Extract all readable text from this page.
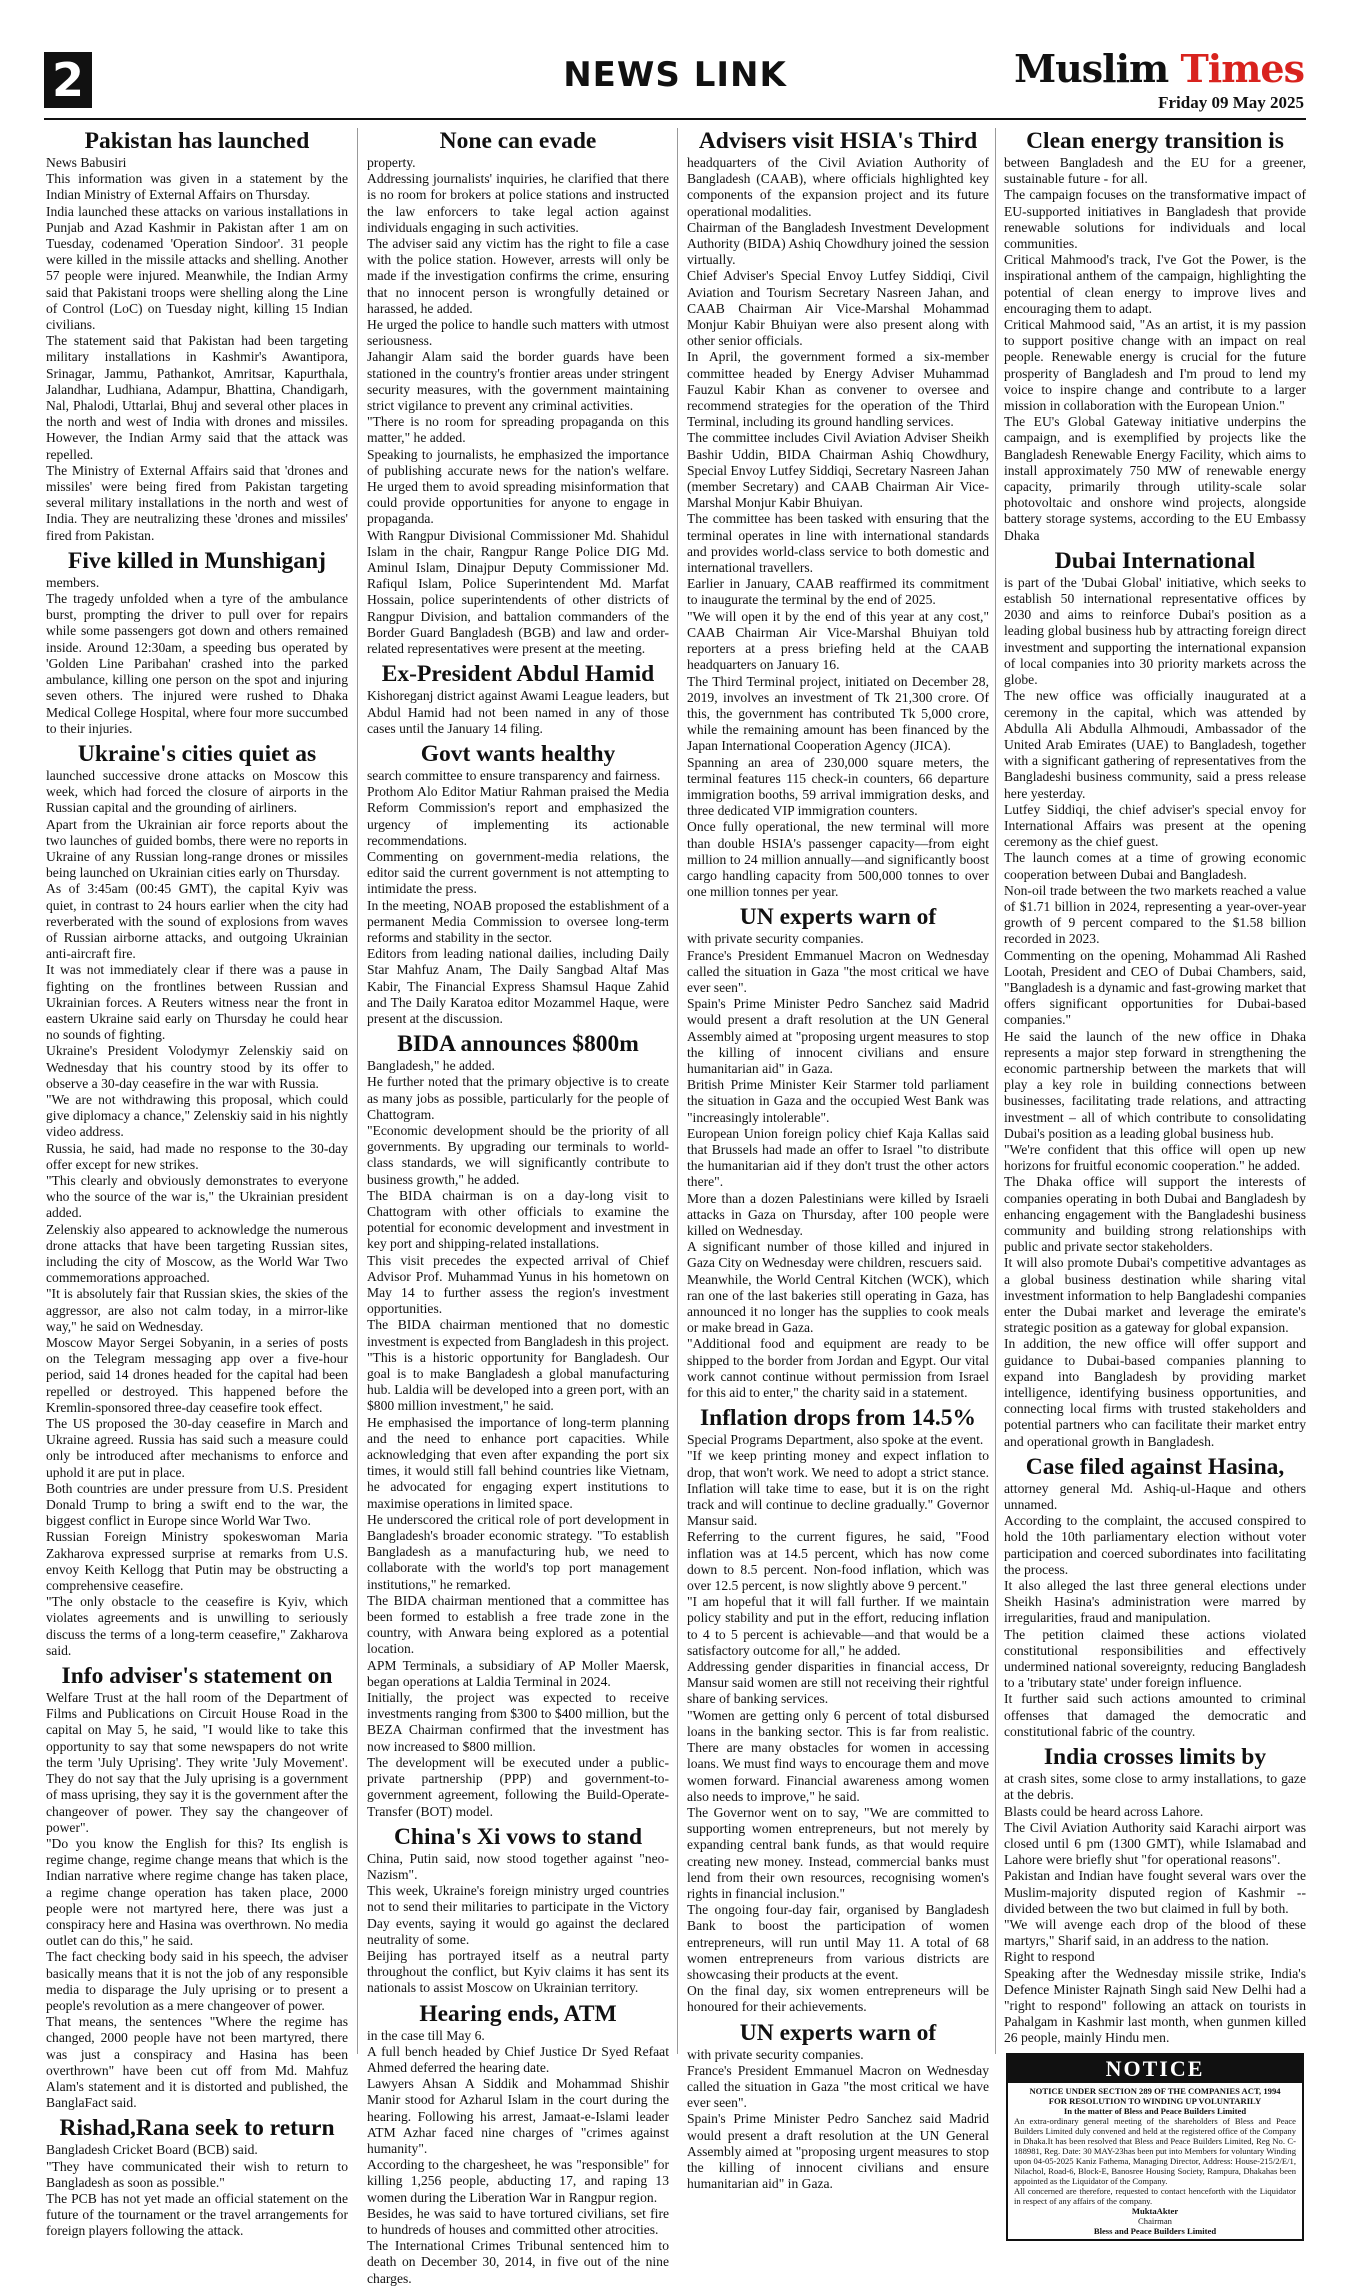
2	NEWS LINK	Muslim Times
Friday 09 May 2025
Pakistan has launched

News Babusiri
This information was given in a statement by the Indian Ministry of External Affairs on Thursday.
India launched these attacks on various installations in Punjab and Azad Kashmir in Pakistan after 1 am on Tuesday, codenamed 'Operation Sindoor'. 31 people were killed in the missile attacks and shelling. Another 57 people were injured. Meanwhile, the Indian Army said that Pakistani troops were shelling along the Line of Control (LoC) on Tuesday night, killing 15 Indian civilians.
The statement said that Pakistan had been targeting military installations in Kashmir's Awantipora, Srinagar, Jammu, Pathankot, Amritsar, Kapurthala, Jalandhar, Ludhiana, Adampur, Bhattina, Chandigarh, Nal, Phalodi, Uttarlai, Bhuj and several other places in the north and west of India with drones and missiles. However, the Indian Army said that the attack was repelled.
The Ministry of External Affairs said that 'drones and missiles' were being fired from Pakistan targeting several military installations in the north and west of India. They are neutralizing these 'drones and missiles' fired from Pakistan.

Five killed in Munshiganj

members.
The tragedy unfolded when a tyre of the ambulance burst, prompting the driver to pull over for repairs while some passengers got down and others remained inside. Around 12:30am, a speeding bus operated by 'Golden Line Paribahan' crashed into the parked ambulance, killing one person on the spot and injuring seven others. The injured were rushed to Dhaka Medical College Hospital, where four more succumbed to their injuries.

Ukraine's cities quiet as

launched successive drone attacks on Moscow this week, which had forced the closure of airports in the Russian capital and the grounding of airliners.
Apart from the Ukrainian air force reports about the two launches of guided bombs, there were no reports in Ukraine of any Russian long-range drones or missiles being launched on Ukrainian cities early on Thursday.
As of 3:45am (00:45 GMT), the capital Kyiv was quiet, in contrast to 24 hours earlier when the city had reverberated with the sound of explosions from waves of Russian airborne attacks, and outgoing Ukrainian anti-aircraft fire.
It was not immediately clear if there was a pause in fighting on the frontlines between Russian and Ukrainian forces. A Reuters witness near the front in eastern Ukraine said early on Thursday he could hear no sounds of fighting.
Ukraine's President Volodymyr Zelenskiy said on Wednesday that his country stood by its offer to observe a 30-day ceasefire in the war with Russia.
"We are not withdrawing this proposal, which could give diplomacy a chance," Zelenskiy said in his nightly video address.
Russia, he said, had made no response to the 30-day offer except for new strikes.
"This clearly and obviously demonstrates to everyone who the source of the war is," the Ukrainian president added.
Zelenskiy also appeared to acknowledge the numerous drone attacks that have been targeting Russian sites, including the city of Moscow, as the World War Two commemorations approached.
"It is absolutely fair that Russian skies, the skies of the aggressor, are also not calm today, in a mirror-like way," he said on Wednesday.
Moscow Mayor Sergei Sobyanin, in a series of posts on the Telegram messaging app over a five-hour period, said 14 drones headed for the capital had been repelled or destroyed. This happened before the Kremlin-sponsored three-day ceasefire took effect.
The US proposed the 30-day ceasefire in March and Ukraine agreed. Russia has said such a measure could only be introduced after mechanisms to enforce and uphold it are put in place.
Both countries are under pressure from U.S. President Donald Trump to bring a swift end to the war, the biggest conflict in Europe since World War Two.
Russian Foreign Ministry spokeswoman Maria Zakharova expressed surprise at remarks from U.S. envoy Keith Kellogg that Putin may be obstructing a comprehensive ceasefire.
"The only obstacle to the ceasefire is Kyiv, which violates agreements and is unwilling to seriously discuss the terms of a long-term ceasefire," Zakharova said.

Info adviser's statement on

Welfare Trust at the hall room of the Department of Films and Publications on Circuit House Road in the capital on May 5, he said, "I would like to take this opportunity to say that some newspapers do not write the term 'July Uprising'. They write 'July Movement'. They do not say that the July uprising is a government of mass uprising, they say it is the government after the changeover of power. They say the changeover of power".
"Do you know the English for this? Its english is regime change, regime change means that which is the Indian narrative where regime change has taken place, a regime change operation has taken place, 2000 people were not martyred here, there was just a conspiracy here and Hasina was overthrown. No media outlet can do this," he said.
The fact checking body said in his speech, the adviser basically means that it is not the job of any responsible media to disparage the July uprising or to present a people's revolution as a mere changeover of power.
That means, the sentences "Where the regime has changed, 2000 people have not been martyred, there was just a conspiracy and Hasina has been overthrown" have been cut off from Md. Mahfuz Alam's statement and it is distorted and published, the BanglaFact said.

Rishad,Rana seek to return

Bangladesh Cricket Board (BCB) said.
"They have communicated their wish to return to Bangladesh as soon as possible."
The PCB has not yet made an official statement on the future of the tournament or the travel arrangements for foreign players following the attack.

None can evade

property.
Addressing journalists' inquiries, he clarified that there is no room for brokers at police stations and instructed the law enforcers to take legal action against individuals engaging in such activities.
The adviser said any victim has the right to file a case with the police station. However, arrests will only be made if the investigation confirms the crime, ensuring that no innocent person is wrongfully detained or harassed, he added.
He urged the police to handle such matters with utmost seriousness.
Jahangir Alam said the border guards have been stationed in the country's frontier areas under stringent security measures, with the government maintaining strict vigilance to prevent any criminal activities.
"There is no room for spreading propaganda on this matter," he added.
Speaking to journalists, he emphasized the importance of publishing accurate news for the nation's welfare. He urged them to avoid spreading misinformation that could provide opportunities for anyone to engage in propaganda.
With Rangpur Divisional Commissioner Md. Shahidul Islam in the chair, Rangpur Range Police DIG Md. Aminul Islam, Dinajpur Deputy Commissioner Md. Rafiqul Islam, Police Superintendent Md. Marfat Hossain, police superintendents of other districts of Rangpur Division, and battalion commanders of the Border Guard Bangladesh (BGB) and law and order-related representatives were present at the meeting.

Ex-President Abdul Hamid

Kishoreganj district against Awami League leaders, but Abdul Hamid had not been named in any of those cases until the January 14 filing.

Govt wants healthy

search committee to ensure transparency and fairness.
Prothom Alo Editor Matiur Rahman praised the Media Reform Commission's report and emphasized the urgency of implementing its actionable recommendations.
Commenting on government-media relations, the editor said the current government is not attempting to intimidate the press.
In the meeting, NOAB proposed the establishment of a permanent Media Commission to oversee long-term reforms and stability in the sector.
Editors from leading national dailies, including Daily Star Mahfuz Anam, The Daily Sangbad Altaf Mas Kabir, The Financial Express Shamsul Haque Zahid and The Daily Karatoa editor Mozammel Haque, were present at the discussion.

BIDA announces $800m

Bangladesh," he added.
He further noted that the primary objective is to create as many jobs as possible, particularly for the people of Chattogram.
"Economic development should be the priority of all governments. By upgrading our terminals to world-class standards, we will significantly contribute to business growth," he added.
The BIDA chairman is on a day-long visit to Chattogram with other officials to examine the potential for economic development and investment in key port and shipping-related installations.
This visit precedes the expected arrival of Chief Advisor Prof. Muhammad Yunus in his hometown on May 14 to further assess the region's investment opportunities.
The BIDA chairman mentioned that no domestic investment is expected from Bangladesh in this project.
"This is a historic opportunity for Bangladesh. Our goal is to make Bangladesh a global manufacturing hub. Laldia will be developed into a green port, with an $800 million investment," he said.
He emphasised the importance of long-term planning and the need to enhance port capacities. While acknowledging that even after expanding the port six times, it would still fall behind countries like Vietnam, he advocated for engaging expert institutions to maximise operations in limited space.
He underscored the critical role of port development in Bangladesh's broader economic strategy. "To establish Bangladesh as a manufacturing hub, we need to collaborate with the world's top port management institutions," he remarked.
The BIDA chairman mentioned that a committee has been formed to establish a free trade zone in the country, with Anwara being explored as a potential location.
APM Terminals, a subsidiary of AP Moller Maersk, began operations at Laldia Terminal in 2024.
Initially, the project was expected to receive investments ranging from $300 to $400 million, but the BEZA Chairman confirmed that the investment has now increased to $800 million.
The development will be executed under a public-private partnership (PPP) and government-to-government agreement, following the Build-Operate-Transfer (BOT) model.

China's Xi vows to stand

China, Putin said, now stood together against "neo-Nazism".
This week, Ukraine's foreign ministry urged countries not to send their militaries to participate in the Victory Day events, saying it would go against the declared neutrality of some.
Beijing has portrayed itself as a neutral party throughout the conflict, but Kyiv claims it has sent its nationals to assist Moscow on Ukrainian territory.

Hearing ends, ATM

in the case till May 6.
A full bench headed by Chief Justice Dr Syed Refaat Ahmed deferred the hearing date.
Lawyers Ahsan A Siddik and Mohammad Shishir Manir stood for Azharul Islam in the court during the hearing. Following his arrest, Jamaat-e-Islami leader ATM Azhar faced nine charges of "crimes against humanity".
According to the chargesheet, he was "responsible" for killing 1,256 people, abducting 17, and raping 13 women during the Liberation War in Rangpur region.
Besides, he was said to have tortured civilians, set fire to hundreds of houses and committed other atrocities.
The International Crimes Tribunal sentenced him to death on December 30, 2014, in five out of the nine charges.

Advisers visit HSIA's Third

headquarters of the Civil Aviation Authority of Bangladesh (CAAB), where officials highlighted key components of the expansion project and its future operational modalities.
Chairman of the Bangladesh Investment Development Authority (BIDA) Ashiq Chowdhury joined the session virtually.
Chief Adviser's Special Envoy Lutfey Siddiqi, Civil Aviation and Tourism Secretary Nasreen Jahan, and CAAB Chairman Air Vice-Marshal Mohammad Monjur Kabir Bhuiyan were also present along with other senior officials.
In April, the government formed a six-member committee headed by Energy Adviser Muhammad Fauzul Kabir Khan as convener to oversee and recommend strategies for the operation of the Third Terminal, including its ground handling services.
The committee includes Civil Aviation Adviser Sheikh Bashir Uddin, BIDA Chairman Ashiq Chowdhury, Special Envoy Lutfey Siddiqi, Secretary Nasreen Jahan (member Secretary) and CAAB Chairman Air Vice-Marshal Monjur Kabir Bhuiyan.
The committee has been tasked with ensuring that the terminal operates in line with international standards and provides world-class service to both domestic and international travellers.
Earlier in January, CAAB reaffirmed its commitment to inaugurate the terminal by the end of 2025.
"We will open it by the end of this year at any cost," CAAB Chairman Air Vice-Marshal Bhuiyan told reporters at a press briefing held at the CAAB headquarters on January 16.
The Third Terminal project, initiated on December 28, 2019, involves an investment of Tk 21,300 crore. Of this, the government has contributed Tk 5,000 crore, while the remaining amount has been financed by the Japan International Cooperation Agency (JICA).
Spanning an area of 230,000 square meters, the terminal features 115 check-in counters, 66 departure immigration booths, 59 arrival immigration desks, and three dedicated VIP immigration counters.
Once fully operational, the new terminal will more than double HSIA's passenger capacity—from eight million to 24 million annually—and significantly boost cargo handling capacity from 500,000 tonnes to over one million tonnes per year.

UN experts warn of

with private security companies.
France's President Emmanuel Macron on Wednesday called the situation in Gaza "the most critical we have ever seen".
Spain's Prime Minister Pedro Sanchez said Madrid would present a draft resolution at the UN General Assembly aimed at "proposing urgent measures to stop the killing of innocent civilians and ensure humanitarian aid" in Gaza.
British Prime Minister Keir Starmer told parliament the situation in Gaza and the occupied West Bank was "increasingly intolerable".
European Union foreign policy chief Kaja Kallas said that Brussels had made an offer to Israel "to distribute the humanitarian aid if they don't trust the other actors there".
More than a dozen Palestinians were killed by Israeli attacks in Gaza on Thursday, after 100 people were killed on Wednesday.
A significant number of those killed and injured in Gaza City on Wednesday were children, rescuers said.
Meanwhile, the World Central Kitchen (WCK), which ran one of the last bakeries still operating in Gaza, has announced it no longer has the supplies to cook meals or make bread in Gaza.
"Additional food and equipment are ready to be shipped to the border from Jordan and Egypt. Our vital work cannot continue without permission from Israel for this aid to enter," the charity said in a statement.

Inflation drops from 14.5%

Special Programs Department, also spoke at the event.
"If we keep printing money and expect inflation to drop, that won't work. We need to adopt a strict stance. Inflation will take time to ease, but it is on the right track and will continue to decline gradually." Governor Mansur said.
Referring to the current figures, he said, "Food inflation was at 14.5 percent, which has now come down to 8.5 percent. Non-food inflation, which was over 12.5 percent, is now slightly above 9 percent."
"I am hopeful that it will fall further. If we maintain policy stability and put in the effort, reducing inflation to 4 to 5 percent is achievable—and that would be a satisfactory outcome for all," he added.
Addressing gender disparities in financial access, Dr Mansur said women are still not receiving their rightful share of banking services.
"Women are getting only 6 percent of total disbursed loans in the banking sector. This is far from realistic. There are many obstacles for women in accessing loans. We must find ways to encourage them and move women forward. Financial awareness among women also needs to improve," he said.
The Governor went on to say, "We are committed to supporting women entrepreneurs, but not merely by expanding central bank funds, as that would require creating new money. Instead, commercial banks must lend from their own resources, recognising women's rights in financial inclusion."
The ongoing four-day fair, organised by Bangladesh Bank to boost the participation of women entrepreneurs, will run until May 11. A total of 68 women entrepreneurs from various districts are showcasing their products at the event.
On the final day, six women entrepreneurs will be honoured for their achievements.

UN experts warn of

with private security companies.
France's President Emmanuel Macron on Wednesday called the situation in Gaza "the most critical we have ever seen".
Spain's Prime Minister Pedro Sanchez said Madrid would present a draft resolution at the UN General Assembly aimed at "proposing urgent measures to stop the killing of innocent civilians and ensure humanitarian aid" in Gaza.

Clean energy transition is

between Bangladesh and the EU for a greener, sustainable future - for all.
The campaign focuses on the transformative impact of EU-supported initiatives in Bangladesh that provide renewable solutions for individuals and local communities.
Critical Mahmood's track, I've Got the Power, is the inspirational anthem of the campaign, highlighting the potential of clean energy to improve lives and encouraging them to adapt.
Critical Mahmood said, "As an artist, it is my passion to support positive change with an impact on real people. Renewable energy is crucial for the future prosperity of Bangladesh and I'm proud to lend my voice to inspire change and contribute to a larger mission in collaboration with the European Union."
The EU's Global Gateway initiative underpins the campaign, and is exemplified by projects like the Bangladesh Renewable Energy Facility, which aims to install approximately 750 MW of renewable energy capacity, primarily through utility-scale solar photovoltaic and onshore wind projects, alongside battery storage systems, according to the EU Embassy Dhaka

Dubai International

is part of the 'Dubai Global' initiative, which seeks to establish 50 international representative offices by 2030 and aims to reinforce Dubai's position as a leading global business hub by attracting foreign direct investment and supporting the international expansion of local companies into 30 priority markets across the globe.
The new office was officially inaugurated at a ceremony in the capital, which was attended by Abdulla Ali Abdulla Alhmoudi, Ambassador of the United Arab Emirates (UAE) to Bangladesh, together with a significant gathering of representatives from the Bangladeshi business community, said a press release here yesterday.
Lutfey Siddiqi, the chief adviser's special envoy for International Affairs was present at the opening ceremony as the chief guest.
The launch comes at a time of growing economic cooperation between Dubai and Bangladesh.
Non-oil trade between the two markets reached a value of $1.71 billion in 2024, representing a year-over-year growth of 9 percent compared to the $1.58 billion recorded in 2023.
Commenting on the opening, Mohammad Ali Rashed Lootah, President and CEO of Dubai Chambers, said, "Bangladesh is a dynamic and fast-growing market that offers significant opportunities for Dubai-based companies."
He said the launch of the new office in Dhaka represents a major step forward in strengthening the economic partnership between the markets that will play a key role in building connections between businesses, facilitating trade relations, and attracting investment – all of which contribute to consolidating Dubai's position as a leading global business hub.
"We're confident that this office will open up new horizons for fruitful economic cooperation." he added.
The Dhaka office will support the interests of companies operating in both Dubai and Bangladesh by enhancing engagement with the Bangladeshi business community and building strong relationships with public and private sector stakeholders.
It will also promote Dubai's competitive advantages as a global business destination while sharing vital investment information to help Bangladeshi companies enter the Dubai market and leverage the emirate's strategic position as a gateway for global expansion.
In addition, the new office will offer support and guidance to Dubai-based companies planning to expand into Bangladesh by providing market intelligence, identifying business opportunities, and connecting local firms with trusted stakeholders and potential partners who can facilitate their market entry and operational growth in Bangladesh.

Case filed against Hasina,

attorney general Md. Ashiq-ul-Haque and others unnamed.
According to the complaint, the accused conspired to hold the 10th parliamentary election without voter participation and coerced subordinates into facilitating the process.
It also alleged the last three general elections under Sheikh Hasina's administration were marred by irregularities, fraud and manipulation.
The petition claimed these actions violated constitutional responsibilities and effectively undermined national sovereignty, reducing Bangladesh to a 'tributary state' under foreign influence.
It further said such actions amounted to criminal offenses that damaged the democratic and constitutional fabric of the country.

India crosses limits by

at crash sites, some close to army installations, to gaze at the debris.
Blasts could be heard across Lahore.
The Civil Aviation Authority said Karachi airport was closed until 6 pm (1300 GMT), while Islamabad and Lahore were briefly shut "for operational reasons".
Pakistan and Indian have fought several wars over the Muslim-majority disputed region of Kashmir -- divided between the two but claimed in full by both.
"We will avenge each drop of the blood of these martyrs," Sharif said, in an address to the nation.
Right to respond
Speaking after the Wednesday missile strike, India's Defence Minister Rajnath Singh said New Delhi had a "right to respond" following an attack on tourists in Pahalgam in Kashmir last month, when gunmen killed 26 people, mainly Hindu men.

NOTICE
NOTICE UNDER SECTION 289 OF THE COMPANIES ACT, 1994
FOR RESOLUTION TO WINDING UP VOLUNTARILY
In the matter of Bless and Peace Builders Limited
An extra-ordinary general meeting of the shareholders of Bless and Peace Builders Limited duly convened and held at the registered office of the Company in Dhaka.It has been resolved that Bless and Peace Builders Limited, Reg No. C-188981, Reg. Date: 30 MAY-23has been put into Members for voluntary Winding upon 04-05-2025 Kaniz Fathema, Managing Director, Address: House-215/2/E/1, Nilachol, Road-6, Block-E, Banosree Housing Society, Rampura, Dhakahas been appointed as the Liquidator of the Company.
All concerned are therefore, requested to contact henceforth with the Liquidator in respect of any affairs of the company.
MuktaAkter
Chairman
Bless and Peace Builders Limited
